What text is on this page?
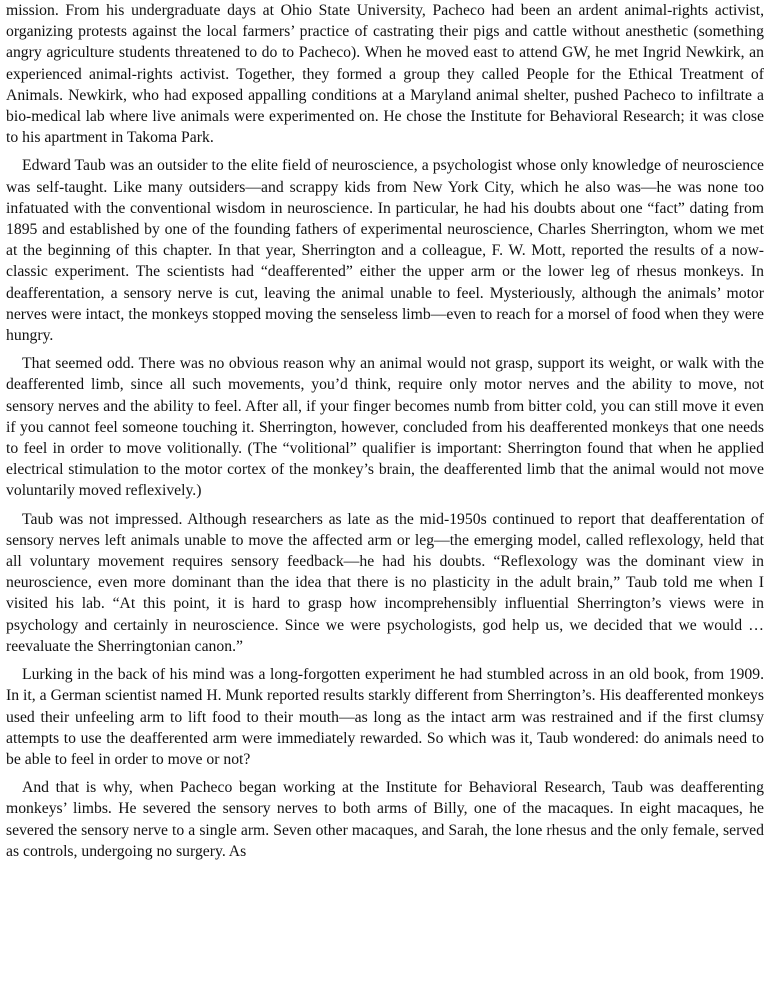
mission. From his undergraduate days at Ohio State University, Pacheco had been an ardent animal-rights activist, organizing protests against the local farmers’ practice of castrating their pigs and cattle without anesthetic (something angry agriculture students threatened to do to Pacheco). When he moved east to attend GW, he met Ingrid Newkirk, an experienced animal-rights activist. Together, they formed a group they called People for the Ethical Treatment of Animals. Newkirk, who had exposed appalling conditions at a Maryland animal shelter, pushed Pacheco to infiltrate a bio-medical lab where live animals were experimented on. He chose the Institute for Behavioral Research; it was close to his apartment in Takoma Park.

Edward Taub was an outsider to the elite field of neuroscience, a psychologist whose only knowledge of neuroscience was self-taught. Like many outsiders—and scrappy kids from New York City, which he also was—he was none too infatuated with the conventional wisdom in neuroscience. In particular, he had his doubts about one “fact” dating from 1895 and established by one of the founding fathers of experimental neuroscience, Charles Sherrington, whom we met at the beginning of this chapter. In that year, Sherrington and a colleague, F. W. Mott, reported the results of a now-classic experiment. The scientists had “deafferented” either the upper arm or the lower leg of rhesus monkeys. In deafferentation, a sensory nerve is cut, leaving the animal unable to feel. Mysteriously, although the animals’ motor nerves were intact, the monkeys stopped moving the senseless limb—even to reach for a morsel of food when they were hungry.

That seemed odd. There was no obvious reason why an animal would not grasp, support its weight, or walk with the deafferented limb, since all such movements, you’d think, require only motor nerves and the ability to move, not sensory nerves and the ability to feel. After all, if your finger becomes numb from bitter cold, you can still move it even if you cannot feel someone touching it. Sherrington, however, concluded from his deafferented monkeys that one needs to feel in order to move volitionally. (The “volitional” qualifier is important: Sherrington found that when he applied electrical stimulation to the motor cortex of the monkey’s brain, the deafferented limb that the animal would not move voluntarily moved reflexively.)

Taub was not impressed. Although researchers as late as the mid-1950s continued to report that deafferentation of sensory nerves left animals unable to move the affected arm or leg—the emerging model, called reflexology, held that all voluntary movement requires sensory feedback—he had his doubts. “Reflexology was the dominant view in neuroscience, even more dominant than the idea that there is no plasticity in the adult brain,” Taub told me when I visited his lab. “At this point, it is hard to grasp how incomprehensibly influential Sherrington’s views were in psychology and certainly in neuroscience. Since we were psychologists, god help us, we decided that we would … reevaluate the Sherringtonian canon.”

Lurking in the back of his mind was a long-forgotten experiment he had stumbled across in an old book, from 1909. In it, a German scientist named H. Munk reported results starkly different from Sherrington’s. His deafferented monkeys used their unfeeling arm to lift food to their mouth—as long as the intact arm was restrained and if the first clumsy attempts to use the deafferented arm were immediately rewarded. So which was it, Taub wondered: do animals need to be able to feel in order to move or not?

And that is why, when Pacheco began working at the Institute for Behavioral Research, Taub was deafferenting monkeys’ limbs. He severed the sensory nerves to both arms of Billy, one of the macaques. In eight macaques, he severed the sensory nerve to a single arm. Seven other macaques, and Sarah, the lone rhesus and the only female, served as controls, undergoing no surgery. As
